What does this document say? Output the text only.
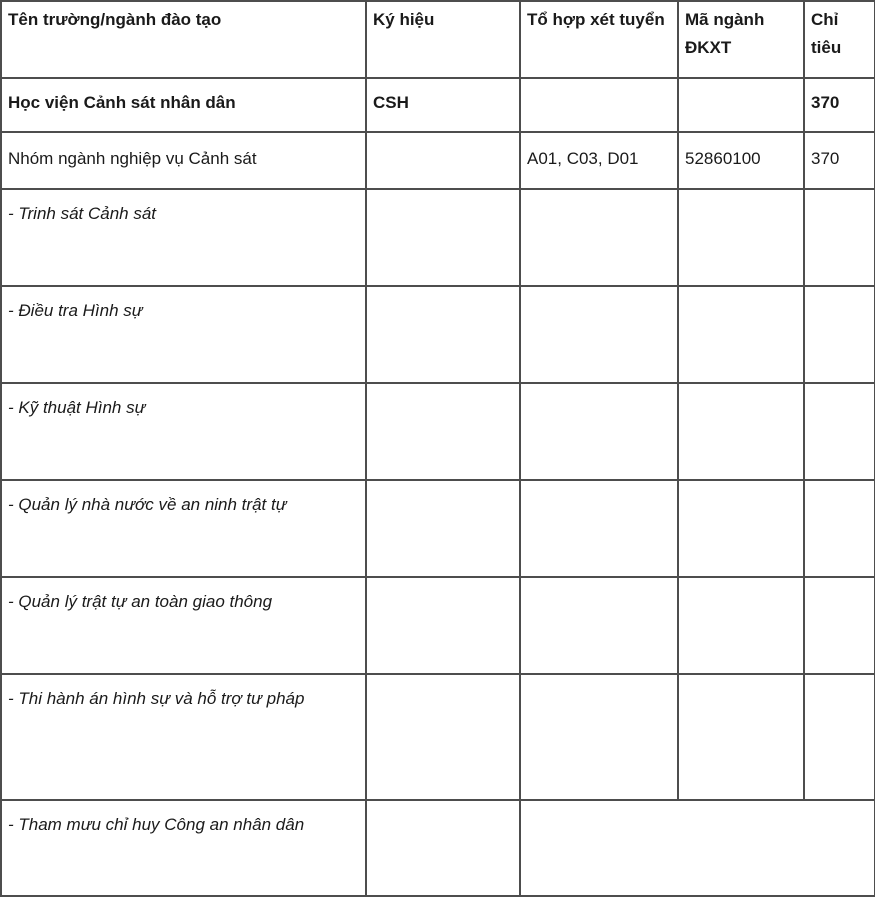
Tên trường/ngành đào tạo	Ký hiệu	Tổ hợp xét tuyển	Mã ngành ĐKXT	Chỉ tiêu
Học viện Cảnh sát nhân dân	CSH			370
Nhóm ngành nghiệp vụ Cảnh sát		A01, C03, D01	52860100	370
- Trinh sát Cảnh sát				
- Điều tra Hình sự				
- Kỹ thuật Hình sự				
- Quản lý nhà nước về an ninh trật tự				
- Quản lý trật tự an toàn giao thông				
- Thi hành án hình sự và hỗ trợ tư pháp				
- Tham mưu chỉ huy Công an nhân dân				
